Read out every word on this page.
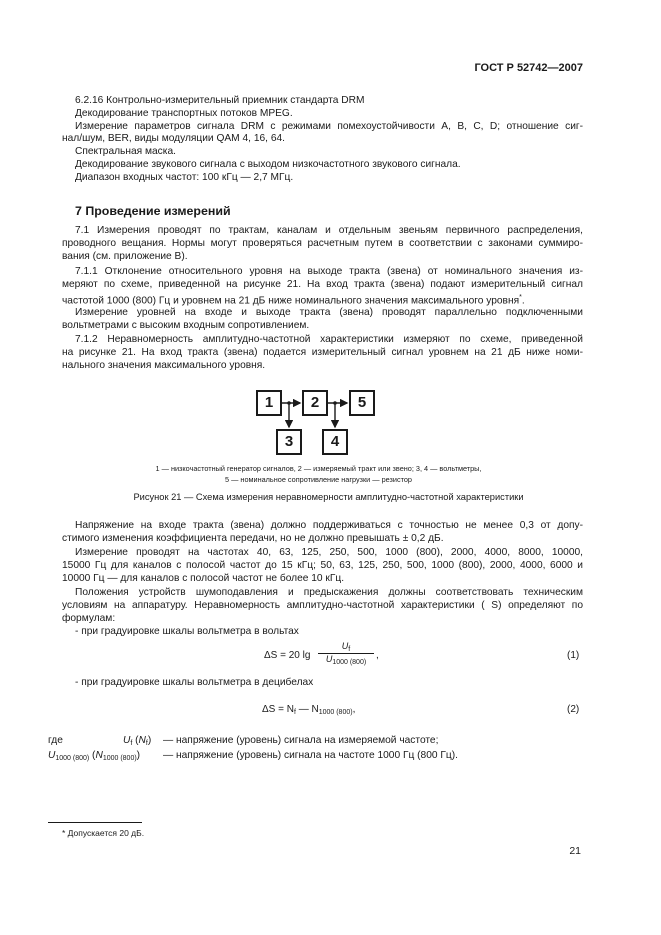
ГОСТ Р 52742—2007
6.2.16 Контрольно-измерительный приемник стандарта DRM
Декодирование транспортных потоков MPEG.
Измерение параметров сигнала DRM с режимами помехоустойчивости А, В, С, D; отношение сиг-
нал/шум, BER, виды модуляции QAM 4, 16, 64.
Спектральная маска.
Декодирование звукового сигнала с выходом низкочастотного звукового сигнала.
Диапазон входных частот: 100 кГц — 2,7 МГц.
7 Проведение измерений
7.1 Измерения проводят по трактам, каналам и отдельным звеньям первичного распределения,
проводного вещания. Нормы могут проверяться расчетным путем в соответствии с законами суммиро-
вания (см. приложение В).
7.1.1 Отклонение относительного уровня на выходе тракта (звена) от номинального значения из-
меряют по схеме, приведенной на рисунке 21. На вход тракта (звена) подают измерительный сигнал
частотой 1000 (800) Гц и уровнем на 21 дБ ниже номинального значения максимального уровня*.
Измерение уровней на входе и выходе тракта (звена) проводят параллельно подключенными
вольтметрами с высоким входным сопротивлением.
7.1.2 Неравномерность амплитудно-частотной характеристики измеряют по схеме, приведенной
на рисунке 21. На вход тракта (звена) подается измерительный сигнал уровнем на 21 дБ ниже номи-
нального значения максимального уровня.
1	2	5
3	4
1 — низкочастотный генератор сигналов, 2 — измеряемый тракт или звено; 3, 4 — вольтметры,
5 — номинальное сопротивление нагрузки — резистор
Рисунок 21 — Схема измерения неравномерности амплитудно-частотной характеристики
Напряжение на входе тракта (звена) должно поддерживаться с точностью не менее 0,3 от допу-
стимого изменения коэффициента передачи, но не должно превышать ± 0,2 дБ.
Измерение проводят на частотах 40, 63, 125, 250, 500, 1000 (800), 2000, 4000, 8000, 10000,
15000 Гц для каналов с полосой частот до 15 кГц; 50, 63, 125, 250, 500, 1000 (800), 2000, 4000, 6000 и
10000 Гц — для каналов с полосой частот не более 10 кГц.
Положения устройств шумоподавления и предыскажения должны соответствовать техническим
условиям на аппаратуру. Неравномерность амплитудно-частотной характеристики ( S) определяют по
формулам:
- при градуировке шкалы вольтметра в вольтах
ΔS = 20 $\lg \frac{U_f}{U_{1000 (800)}}$ ,	(1)
- при градуировке шкалы вольтметра в децибелах
$\Delta S = N_f$ — $N_{1000 (800)}$,	(2)
где	$U_f$ $(N_f)$ — напряжение (уровень) сигнала на измеряемой частоте;
$U_{1000 (800)}$ $(N_{1000 (800)})$ — напряжение (уровень) сигнала на частоте 1000 Гц (800 Гц).
* Допускается 20 дБ.
21
